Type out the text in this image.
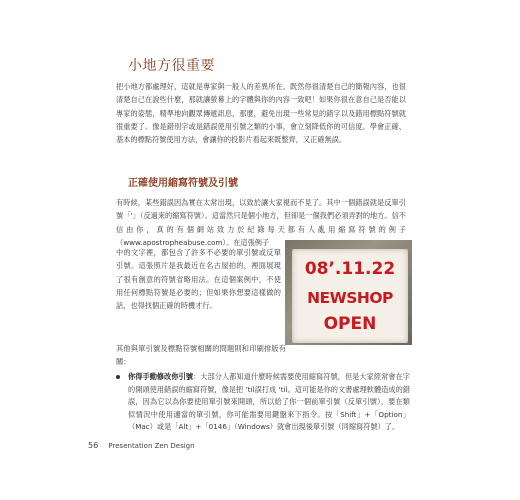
小地方很重要

把小地方都處理好，這就是專家與一般人的差異所在。既然你很清楚自己的簡報內容，也很清楚自己在說些什麼，那就讓螢幕上的字體與你的內容一致吧！如果你很在意自己是否能以專家的姿態，精準地向觀眾傳遞訊息，那麼，避免出現一些常見的錯字以及錯用標點符號就很重要了。像是錯別字或是錯誤使用引號之類的小事，會立刻降低你的可信度。學會正確、基本的標點符號使用方法，會讓你的投影片看起來既整齊，又正確無誤。

正確使用縮寫符號及引號

有時候，某些錯誤因為實在太常出現，以致於讓大家視而不見了。其中一個錯誤就是反單引號「‘」（反過來的縮寫符號）。這當然只是個小地方，但卻是一個我們必須弄對的地方。信不信由你，真的有個網站致力於紀錄每天都有人亂用縮寫符號的例子（www.apostropheabuse.com）。在這張例子

中的文字裡，都包含了許多不必要的單引號或反單引號。這張照片是我最近在名古屋拍的，裡面展現了很有創意的符號省略用法。在這個案例中，不使用任何標點符號是必要的；但如果你想要這樣做的話，也得找個正確的時機才行。

08’.11.22
NEWSHOP
OPEN

其他與單引號及標點符號相關的問題則和印刷排版有關：

你得手動修改你引號：大部分人都知道什麼時候需要使用縮寫符號，但是大家經常會在字的開頭使用錯誤的縮寫符號，像是把 ’til誤打成 ‘til。這可能是你的文書處理軟體造成的錯誤，因為它以為你要使用單引號來開頭，所以給了你一個前單引號（反單引號），要在類似情況中使用適當的單引號，你可能需要用鍵盤來下指令。按「Shift」+「Option」（Mac）或是「Alt」+「0146」（Windows）就會出現後單引號（同縮寫符號）了。

56 Presentation Zen Design
